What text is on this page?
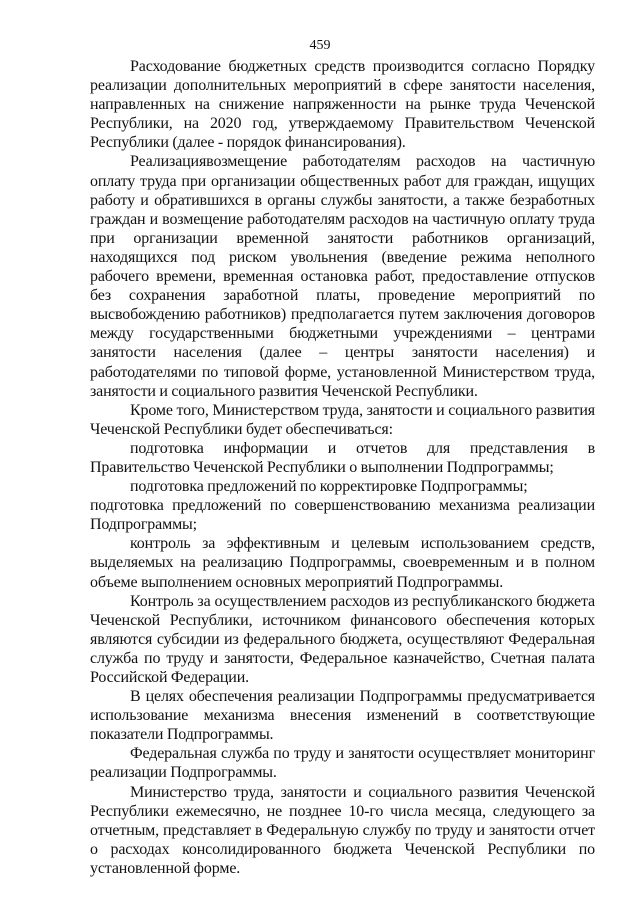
459

Расходование бюджетных средств производится согласно Порядку реализации дополнительных мероприятий в сфере занятости населения, направленных на снижение напряженности на рынке труда Чеченской Республики, на 2020 год, утверждаемому Правительством Чеченской Республики (далее - порядок финансирования).

Реализациявозмещение работодателям расходов на частичную оплату труда при организации общественных работ для граждан, ищущих работу и обратившихся в органы службы занятости, а также безработных граждан и возмещение работодателям расходов на частичную оплату труда при организации временной занятости работников организаций, находящихся под риском увольнения (введение режима неполного рабочего времени, временная остановка работ, предоставление отпусков без сохранения заработной платы, проведение мероприятий по высвобождению работников) предполагается путем заключения договоров между государственными бюджетными учреждениями – центрами занятости населения (далее – центры занятости населения) и работодателями по типовой форме, установленной Министерством труда, занятости и социального развития Чеченской Республики.

Кроме того, Министерством труда, занятости и социального развития Чеченской Республики будет обеспечиваться:

подготовка информации и отчетов для представления в Правительство Чеченской Республики о выполнении Подпрограммы;

подготовка предложений по корректировке Подпрограммы;

подготовка предложений по совершенствованию механизма реализации Подпрограммы;

контроль за эффективным и целевым использованием средств, выделяемых на реализацию Подпрограммы, своевременным и в полном объеме выполнением основных мероприятий Подпрограммы.

Контроль за осуществлением расходов из республиканского бюджета Чеченской Республики, источником финансового обеспечения которых являются субсидии из федерального бюджета, осуществляют Федеральная служба по труду и занятости, Федеральное казначейство, Счетная палата Российской Федерации.

В целях обеспечения реализации Подпрограммы предусматривается использование механизма внесения изменений в соответствующие показатели Подпрограммы.

Федеральная служба по труду и занятости осуществляет мониторинг реализации Подпрограммы.

Министерство труда, занятости и социального развития Чеченской Республики ежемесячно, не позднее 10-го числа месяца, следующего за отчетным, представляет в Федеральную службу по труду и занятости отчет о расходах консолидированного бюджета Чеченской Республики по установленной форме.
